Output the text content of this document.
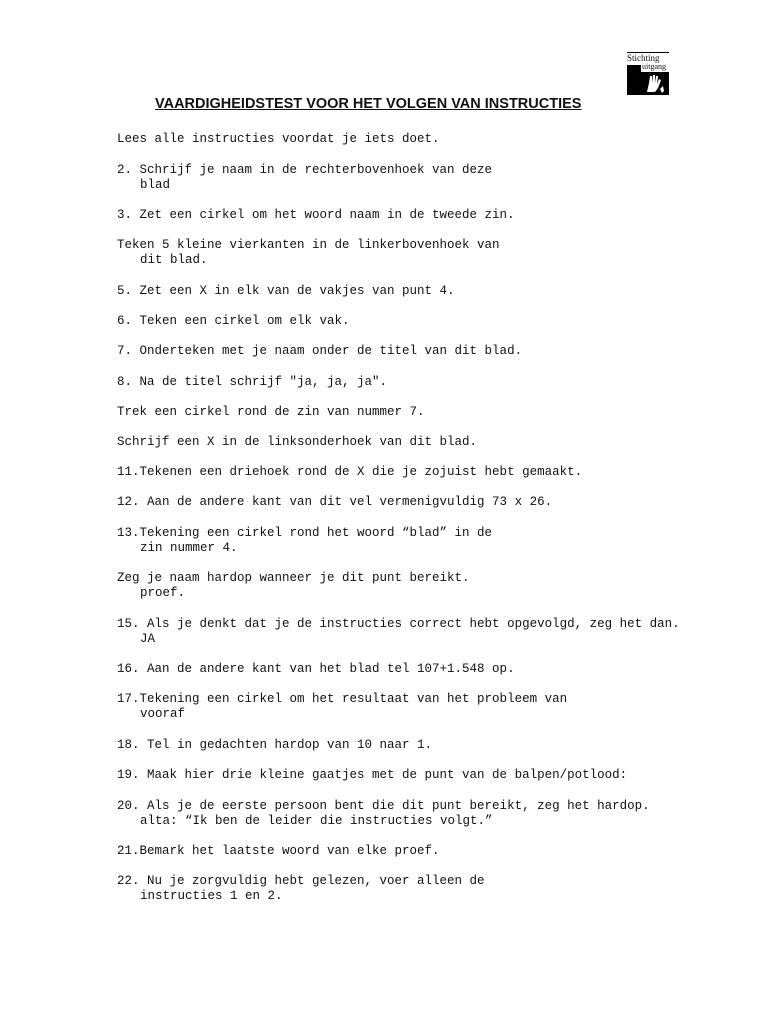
Stichting
uitgang
VAARDIGHEIDSTEST VOOR HET VOLGEN VAN INSTRUCTIES
Lees alle instructies voordat je iets doet.
2. Schrijf je naam in de rechterbovenhoek van deze
blad
3. Zet een cirkel om het woord naam in de tweede zin.
Teken 5 kleine vierkanten in de linkerbovenhoek van
dit blad.
5. Zet een X in elk van de vakjes van punt 4.
6. Teken een cirkel om elk vak.
7. Onderteken met je naam onder de titel van dit blad.
8. Na de titel schrijf "ja, ja, ja".
Trek een cirkel rond de zin van nummer 7.
Schrijf een X in de linksonderhoek van dit blad.
11.Tekenen een driehoek rond de X die je zojuist hebt gemaakt.
12. Aan de andere kant van dit vel vermenigvuldig 73 x 26.
13.Tekening een cirkel rond het woord “blad” in de
zin nummer 4.
Zeg je naam hardop wanneer je dit punt bereikt.
proef.
15. Als je denkt dat je de instructies correct hebt opgevolgd, zeg het dan.
JA
16. Aan de andere kant van het blad tel 107+1.548 op.
17.Tekening een cirkel om het resultaat van het probleem van
vooraf
18. Tel in gedachten hardop van 10 naar 1.
19. Maak hier drie kleine gaatjes met de punt van de balpen/potlood:
20. Als je de eerste persoon bent die dit punt bereikt, zeg het hardop.
alta: “Ik ben de leider die instructies volgt.”
21.Bemark het laatste woord van elke proef.
22. Nu je zorgvuldig hebt gelezen, voer alleen de
instructies 1 en 2.
